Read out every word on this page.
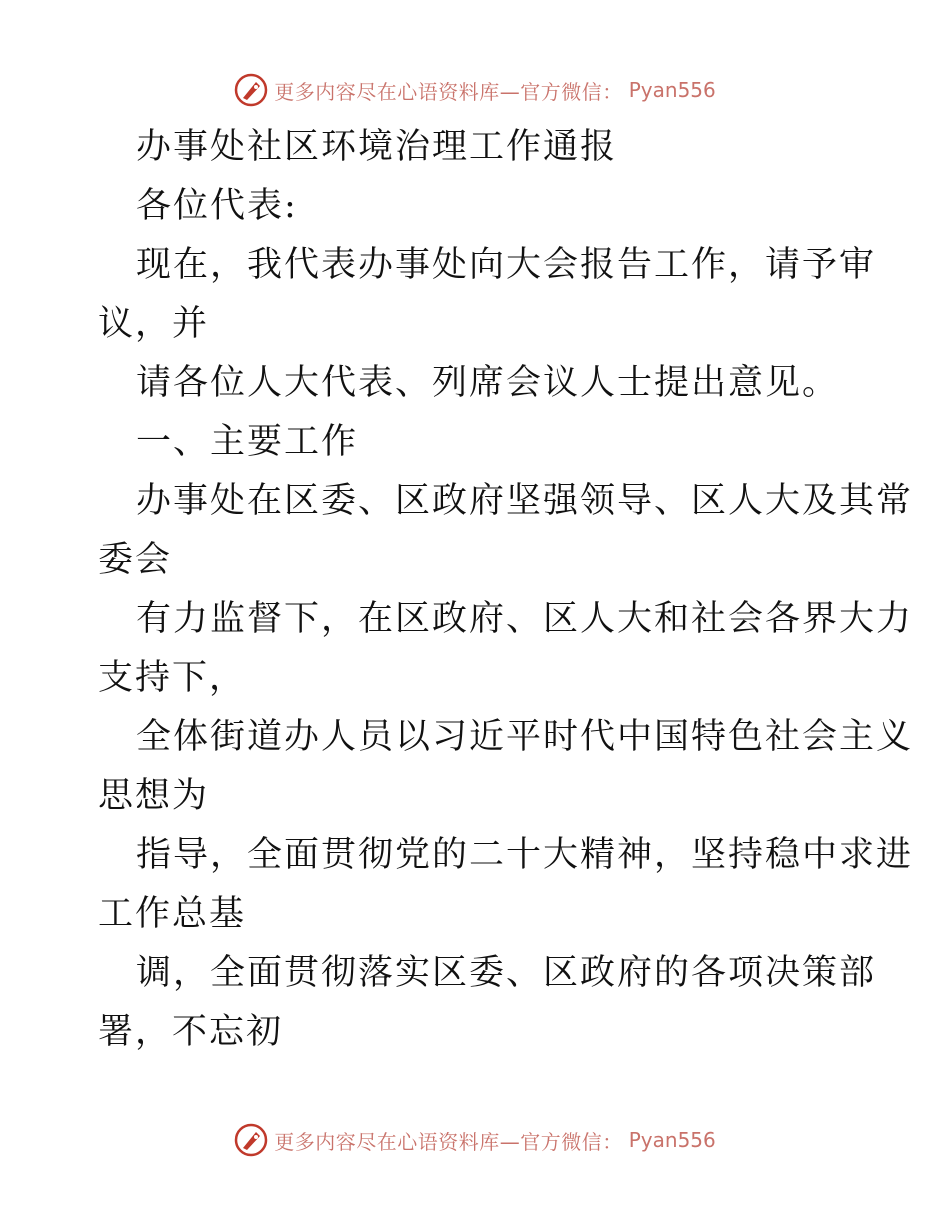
更多内容尽在心语资料库—官方微信： Pyan556
办事处社区环境治理工作通报
各位代表:
现在，我代表办事处向大会报告工作，请予审
议，并
请各位人大代表、列席会议人士提出意见。
一、主要工作
办事处在区委、区政府坚强领导、区人大及其常
委会
有力监督下，在区政府、区人大和社会各界大力
支持下，
全体街道办人员以习近平时代中国特色社会主义
思想为
指导，全面贯彻党的二十大精神，坚持稳中求进
工作总基
调，全面贯彻落实区委、区政府的各项决策部
署，不忘初
更多内容尽在心语资料库—官方微信： Pyan556
